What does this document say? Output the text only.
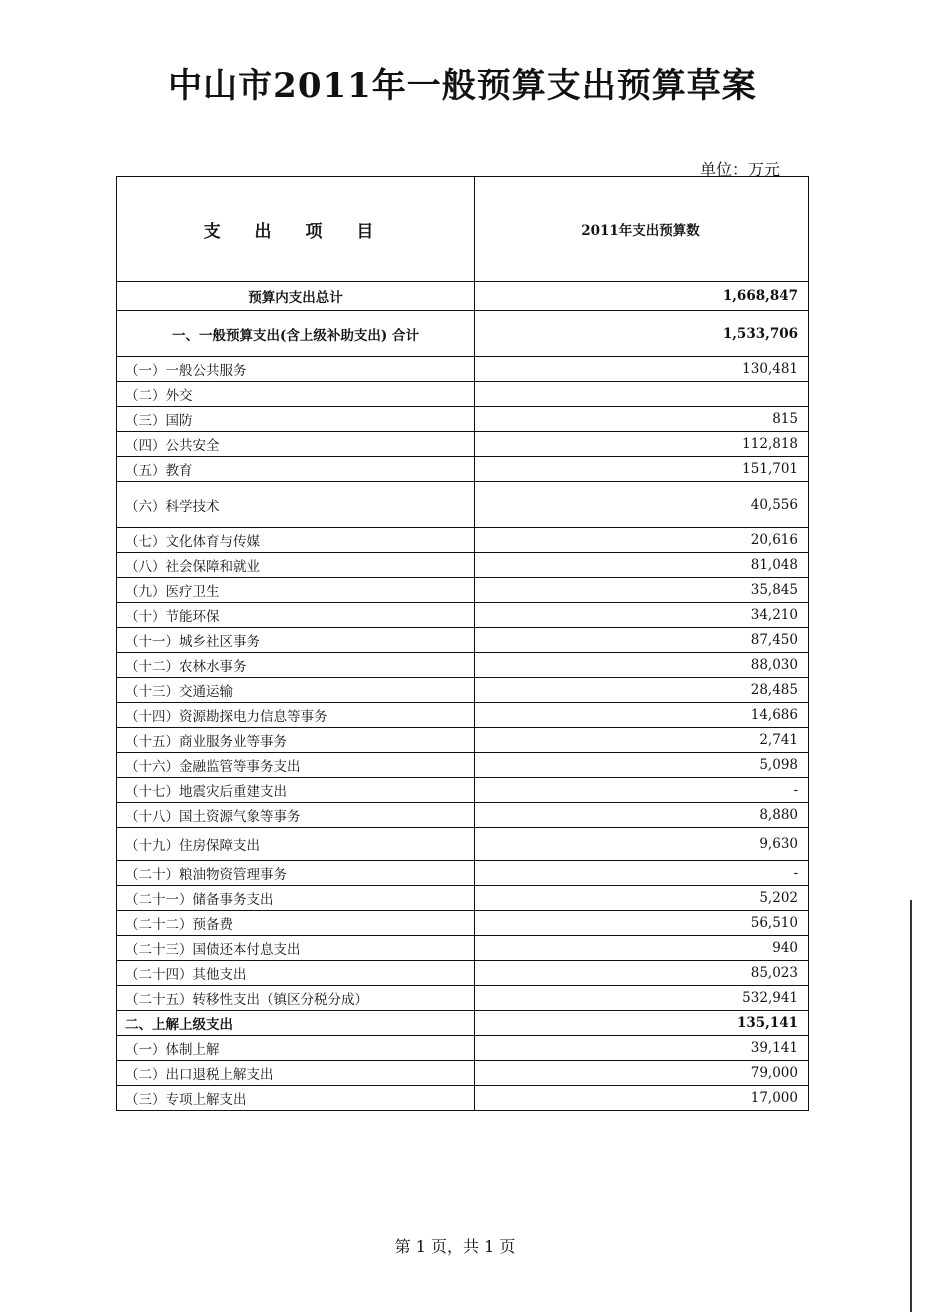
中山市2011年一般预算支出预算草案
单位：万元
支 出 项 目	2011年支出预算数
预算内支出总计	1,668,847
一、一般预算支出(含上级补助支出) 合计	1,533,706
（一）一般公共服务	130,481
（二）外交	
（三）国防	815
（四）公共安全	112,818
（五）教育	151,701
（六）科学技术	40,556
（七）文化体育与传媒	20,616
（八）社会保障和就业	81,048
（九）医疗卫生	35,845
（十）节能环保	34,210
（十一）城乡社区事务	87,450
（十二）农林水事务	88,030
（十三）交通运输	28,485
（十四）资源勘探电力信息等事务	14,686
（十五）商业服务业等事务	2,741
（十六）金融监管等事务支出	5,098
（十七）地震灾后重建支出	-
（十八）国土资源气象等事务	8,880
（十九）住房保障支出	9,630
（二十）粮油物资管理事务	-
（二十一）储备事务支出	5,202
（二十二）预备费	56,510
（二十三）国债还本付息支出	940
（二十四）其他支出	85,023
（二十五）转移性支出（镇区分税分成）	532,941
二、上解上级支出	135,141
（一）体制上解	39,141
（二）出口退税上解支出	79,000
（三）专项上解支出	17,000
第 1 页，共 1 页
